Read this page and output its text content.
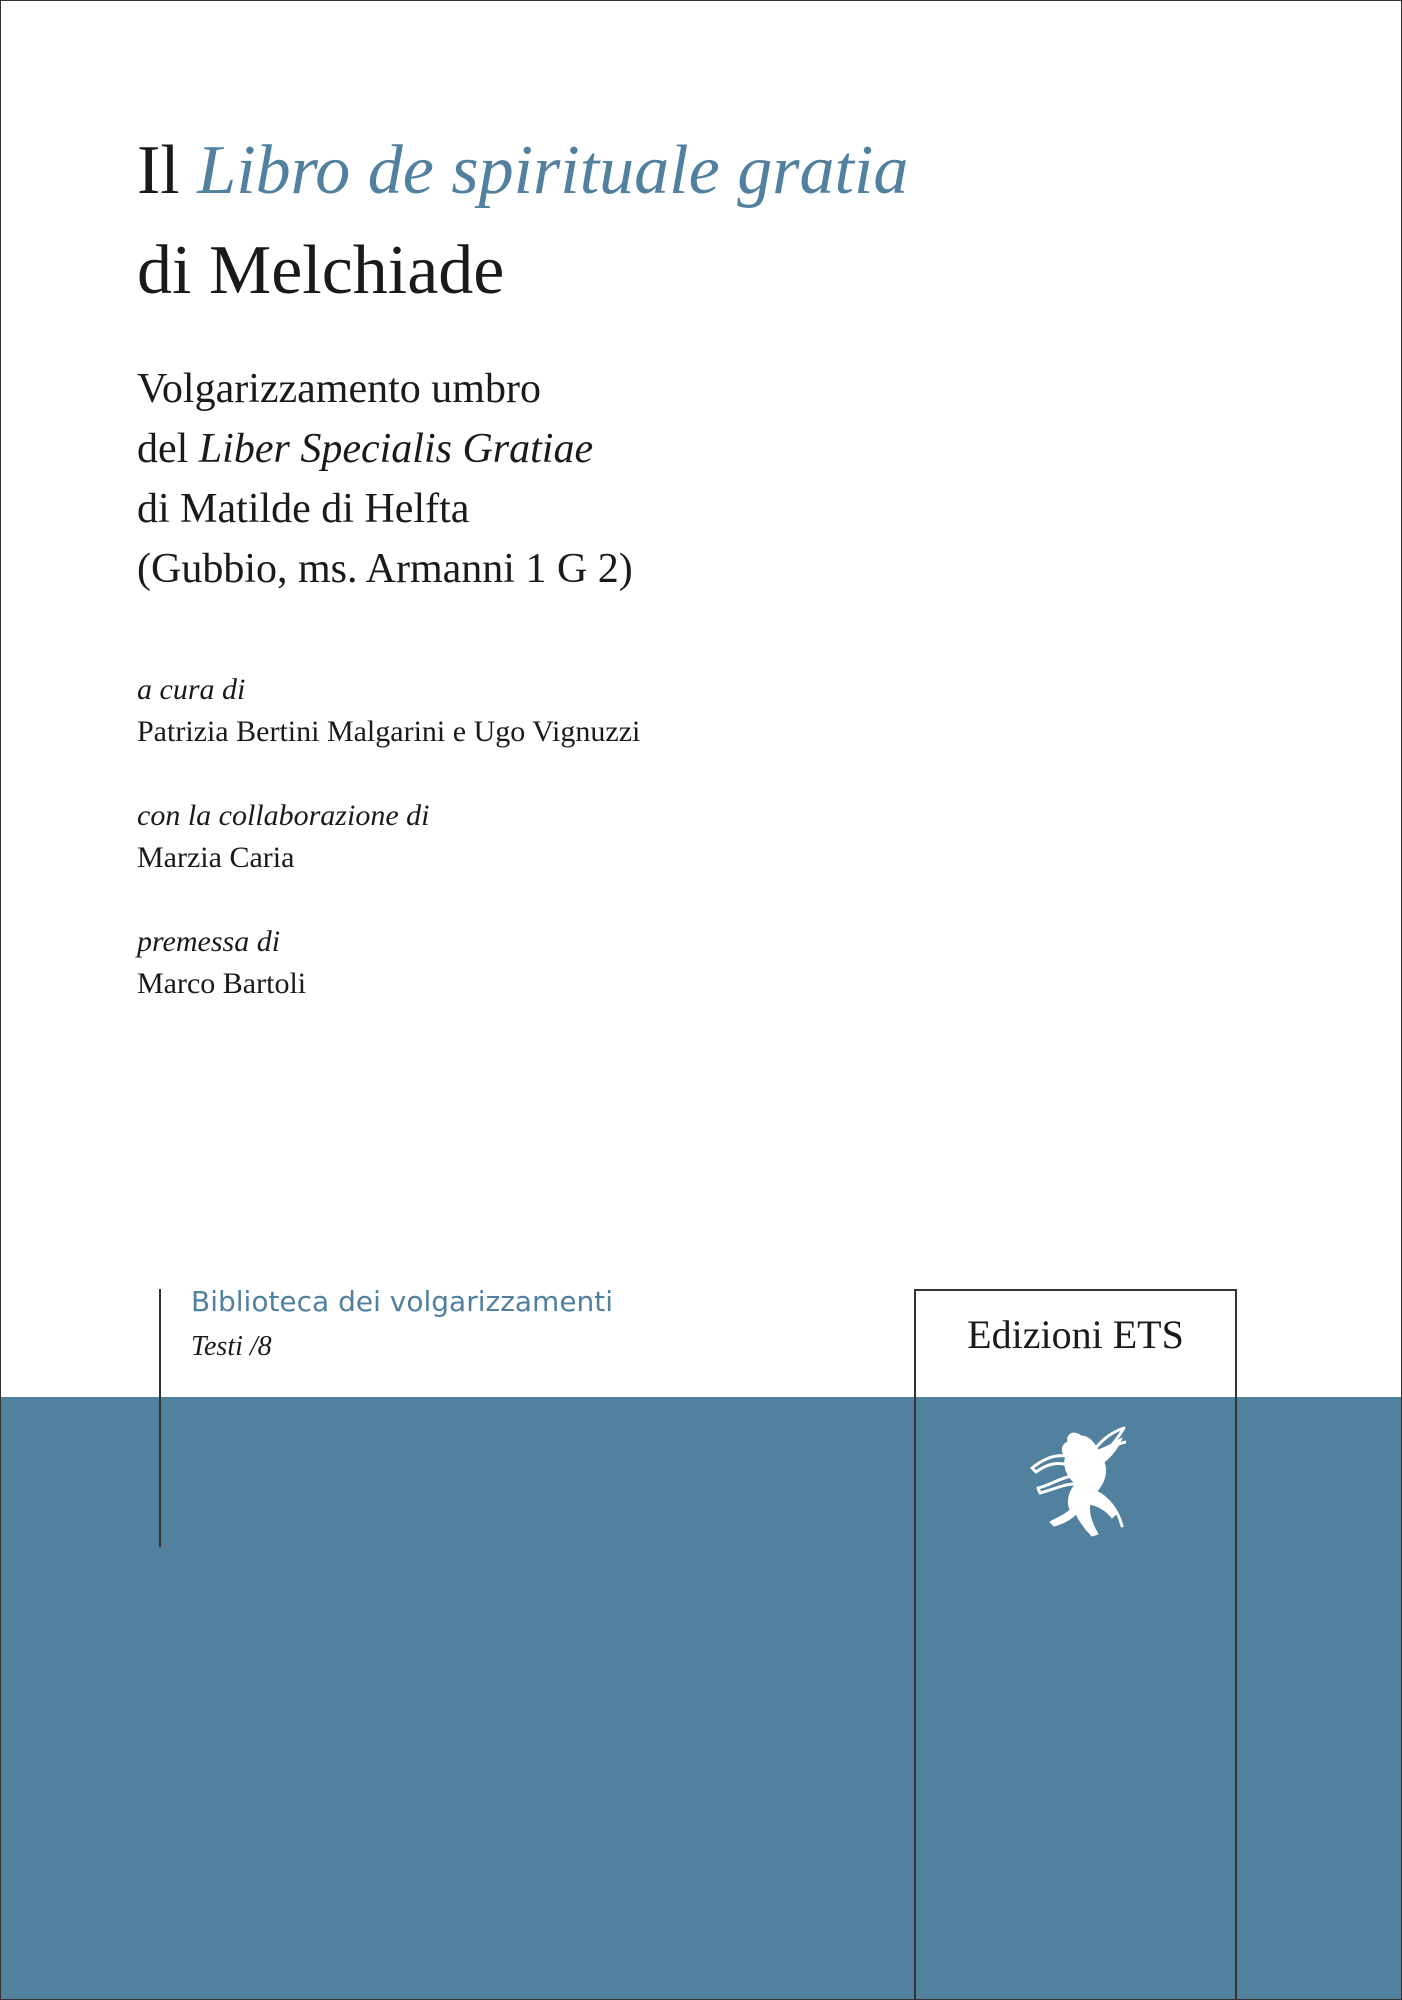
Il Libro de spirituale gratia
di Melchiade
Volgarizzamento umbro
del Liber Specialis Gratiae
di Matilde di Helfta
(Gubbio, ms. Armanni 1 G 2)
a cura di
Patrizia Bertini Malgarini e Ugo Vignuzzi
con la collaborazione di
Marzia Caria
premessa di
Marco Bartoli
Biblioteca dei volgarizzamenti
Testi /8	Edizioni ETS
